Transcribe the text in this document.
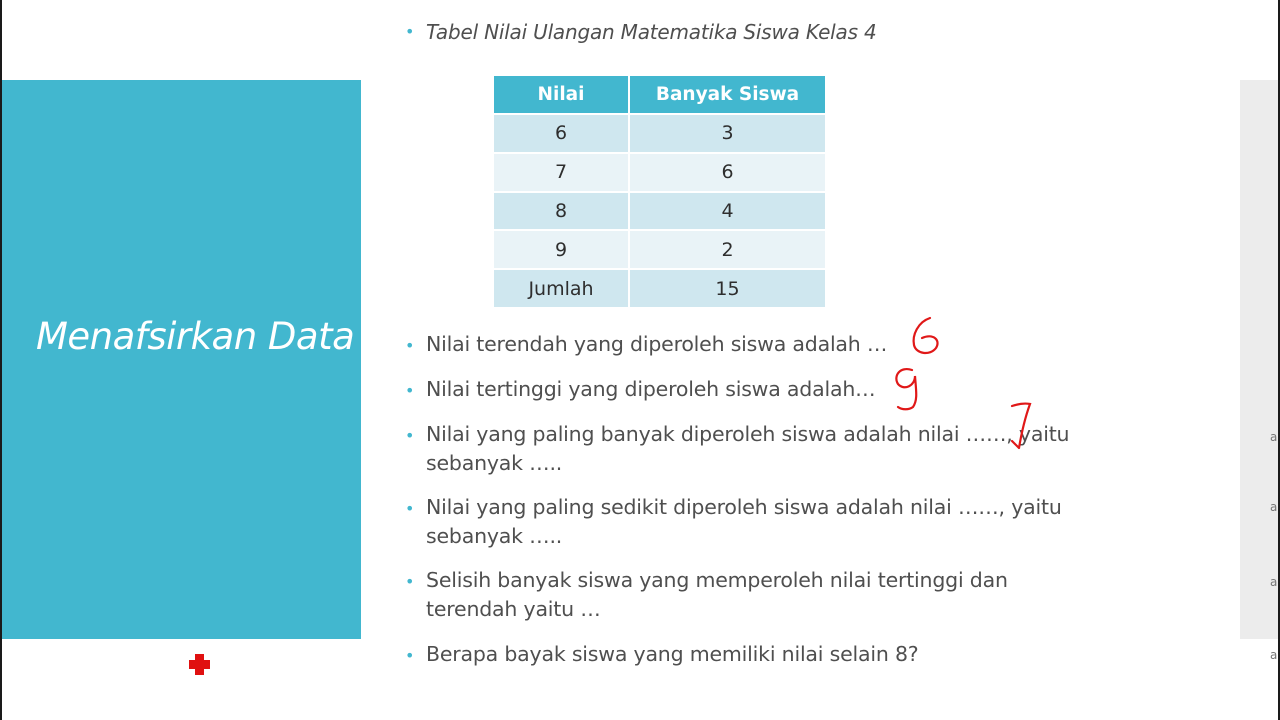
Menafsirkan Data
a
a
a
a
• Tabel Nilai Ulangan Matematika Siswa Kelas 4
Nilai	Banyak Siswa
6	3
7	6
8	4
9	2
Jumlah	15
• Nilai terendah yang diperoleh siswa adalah …
• Nilai tertinggi yang diperoleh siswa adalah…
• Nilai yang paling banyak diperoleh siswa adalah nilai ……, yaitu
sebanyak …..
• Nilai yang paling sedikit diperoleh siswa adalah nilai ……, yaitu
sebanyak …..
• Selisih banyak siswa yang memperoleh nilai tertinggi dan
terendah yaitu …
• Berapa bayak siswa yang memiliki nilai selain 8?
